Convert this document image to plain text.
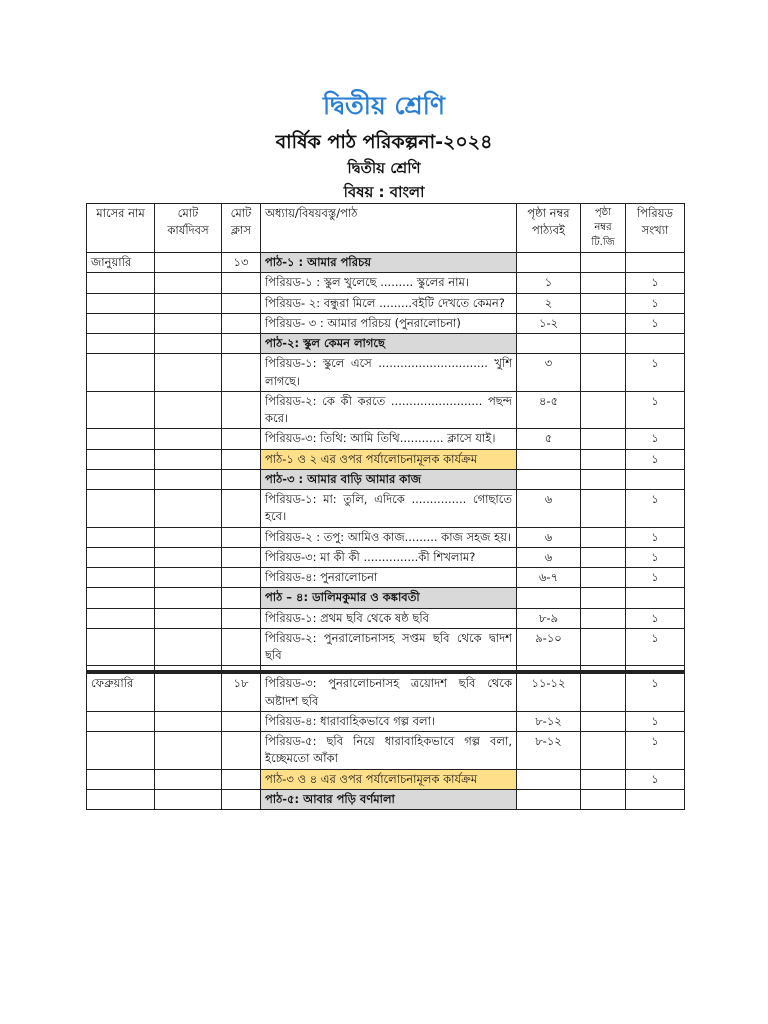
দ্বিতীয় শ্রেণি
বার্ষিক পাঠ পরিকল্পনা-২০২৪
দ্বিতীয় শ্রেণি
বিষয় : বাংলা
মাসের নাম	মোট কার্যদিবস	মোট ক্লাস	অধ্যায়/বিষয়বস্তু/পাঠ	পৃষ্ঠা নম্বর পাঠ্যবই	পৃষ্ঠা নম্বর টি.জি	পিরিয়ড সংখ্যা
জানুয়ারি		১৩	পাঠ-১ : আমার পরিচয়			
			পিরিয়ড-১ : স্কুল খুলেছে ......... স্কুলের নাম।	১		১
			পিরিয়ড- ২: বন্ধুরা মিলে .........বইটি দেখতে কেমন?	২		১
			পিরিয়ড- ৩ : আমার পরিচয় (পুনরালোচনা)	১-২		১
			পাঠ-২: স্কুল কেমন লাগছে			
			পিরিয়ড-১: স্কুলে এসে .............................. খুশি লাগছে।	৩		১
			পিরিয়ড-২: কে কী করতে ......................... পছন্দ করে।	৪-৫		১
			পিরিয়ড-৩: তিথি: আমি তিথি............ ক্লাসে যাই।	৫		১
			পাঠ-১ ও ২ এর ওপর পর্যালোচনামূলক কার্যক্রম			১
			পাঠ-৩ : আমার বাড়ি আমার কাজ			
			পিরিয়ড-১: মা: তুলি, এদিকে ............... গোছাতে হবে।	৬		১
			পিরিয়ড-২ : তপু: আমিও কাজ......... কাজ সহজ হয়।	৬		১
			পিরিয়ড-৩: মা কী কী ...............কী শিখলাম?	৬		১
			পিরিয়ড-৪: পুনরালোচনা	৬-৭		১
			পাঠ – ৪: ডালিমকুমার ও কঙ্কাবতী			
			পিরিয়ড-১: প্রথম ছবি থেকে ষষ্ঠ ছবি	৮-৯		১
			পিরিয়ড-২: পুনরালোচনাসহ সপ্তম ছবি থেকে দ্বাদশ ছবি	৯-১০		১

ফেব্রুয়ারি		১৮	পিরিয়ড-৩: পুনরালোচনাসহ ত্রয়োদশ ছবি থেকে অষ্টাদশ ছবি	১১-১২		১
			পিরিয়ড-৪: ধারাবাহিকভাবে গল্প বলা।	৮-১২		১
			পিরিয়ড-৫: ছবি নিয়ে ধারাবাহিকভাবে গল্প বলা, ইচ্ছেমতো আঁকা	৮-১২		১
			পাঠ-৩ ও ৪ এর ওপর পর্যালোচনামূলক কার্যক্রম			১
			পাঠ-৫: আবার পড়ি বর্ণমালা			
